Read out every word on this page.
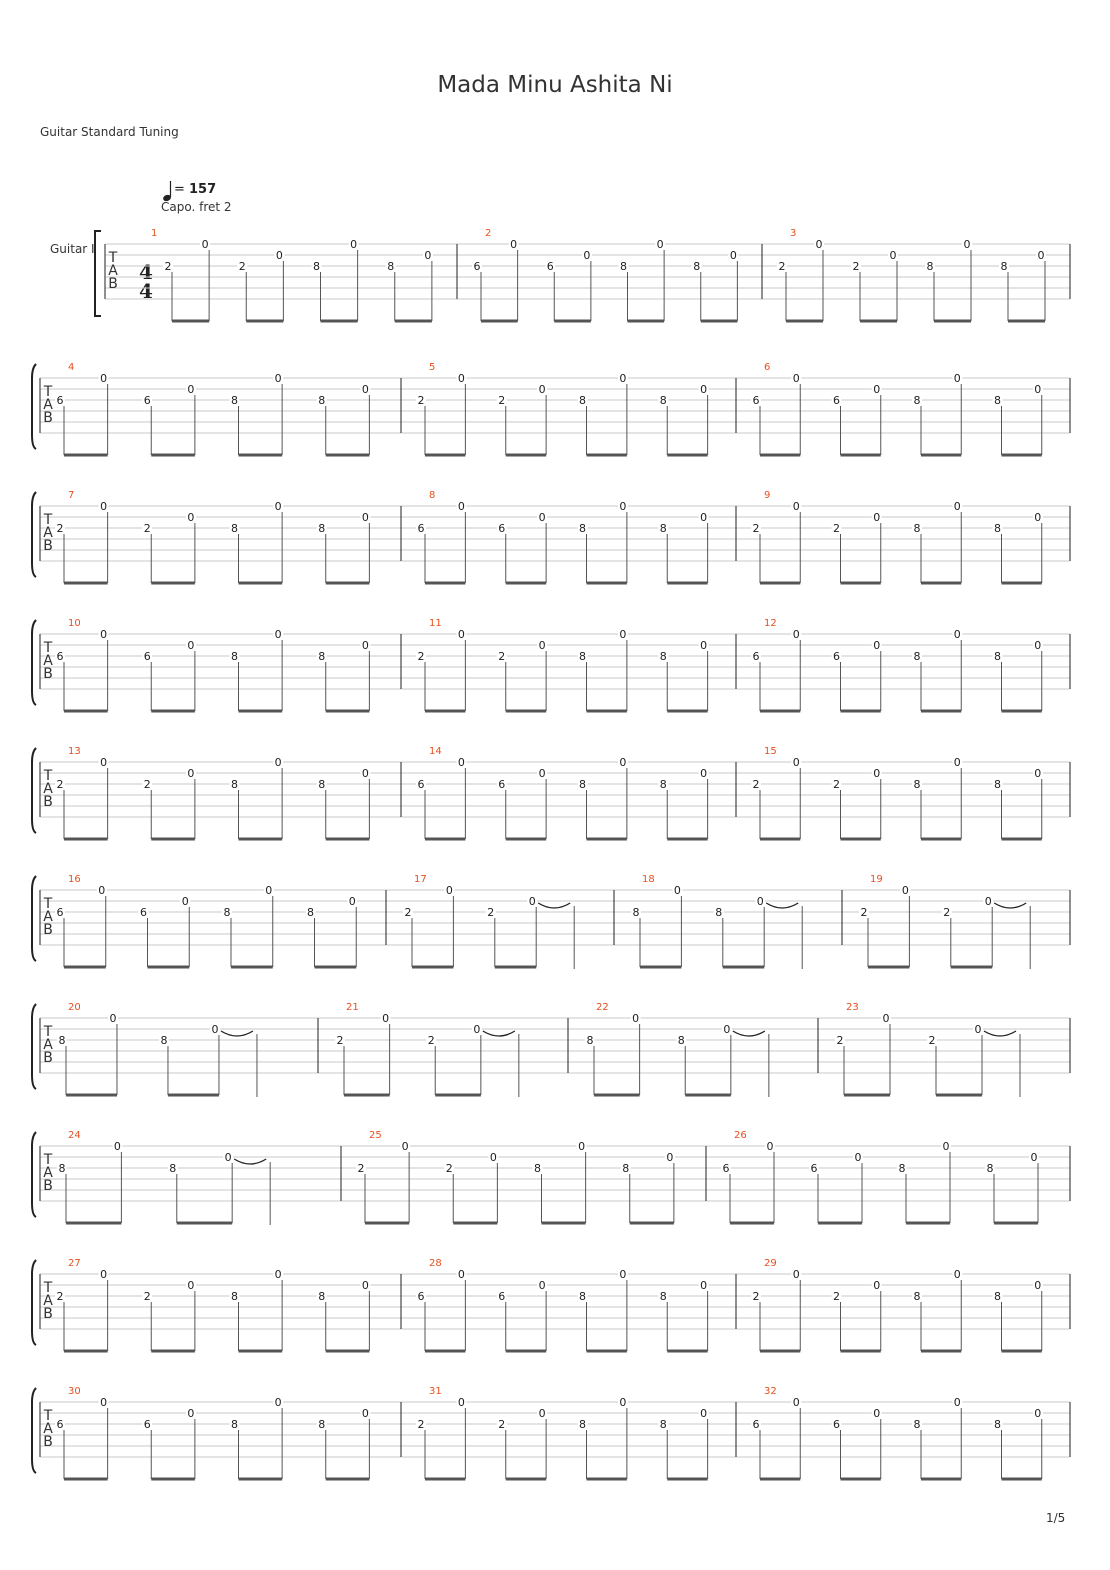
Mada Minu Ashita Ni
Guitar Standard Tuning
1/5
= 157
Capo. fret 2
Guitar I
4
4
T
A
B
1
2
0
2
0
8
0
8
0
2
6
0
6
0
8
0
8
0
3
2
0
2
0
8
0
8
0
T
A
B
4
6
0
6
0
8
0
8
0
5
2
0
2
0
8
0
8
0
6
6
0
6
0
8
0
8
0
T
A
B
7
2
0
2
0
8
0
8
0
8
6
0
6
0
8
0
8
0
9
2
0
2
0
8
0
8
0
T
A
B
10
6
0
6
0
8
0
8
0
11
2
0
2
0
8
0
8
0
12
6
0
6
0
8
0
8
0
T
A
B
13
2
0
2
0
8
0
8
0
14
6
0
6
0
8
0
8
0
15
2
0
2
0
8
0
8
0
T
A
B
16
6
0
6
0
8
0
8
0
17
2
0
2
0
18
8
0
8
0
19
2
0
2
0
T
A
B
20
8
0
8
0
21
2
0
2
0
22
8
0
8
0
23
2
0
2
0
T
A
B
24
8
0
8
0
25
2
0
2
0
8
0
8
0
26
6
0
6
0
8
0
8
0
T
A
B
27
2
0
2
0
8
0
8
0
28
6
0
6
0
8
0
8
0
29
2
0
2
0
8
0
8
0
T
A
B
30
6
0
6
0
8
0
8
0
31
2
0
2
0
8
0
8
0
32
6
0
6
0
8
0
8
0
